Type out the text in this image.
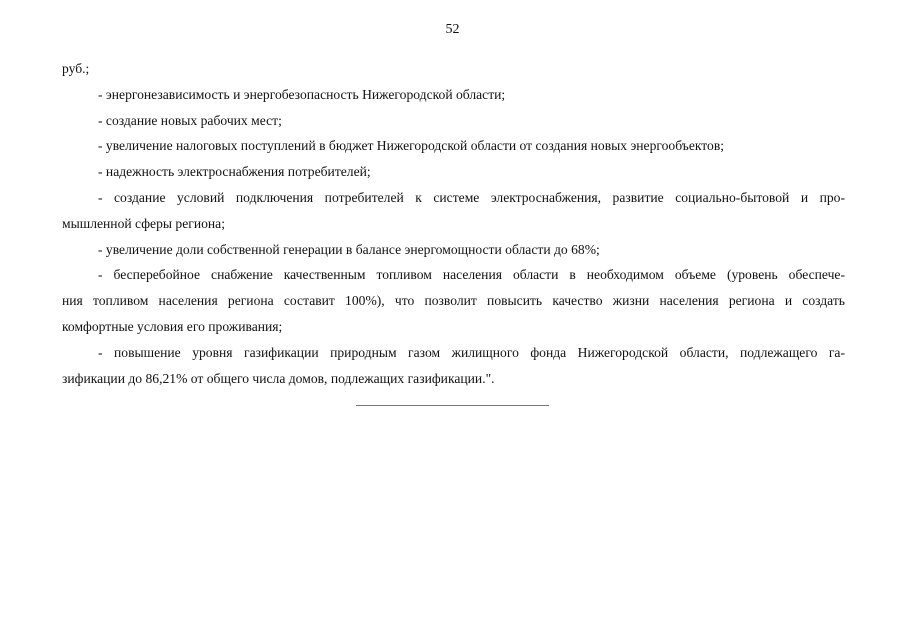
52

руб.;

- энергонезависимость и энергобезопасность Нижегородской области;

- создание новых рабочих мест;

- увеличение налоговых поступлений в бюджет Нижегородской области от создания новых энергообъектов;

- надежность электроснабжения потребителей;

- создание условий подключения потребителей к системе электроснабжения, развитие социально-бытовой и про-

мышленной сферы региона;

- увеличение доли собственной генерации в балансе энергомощности области до 68%;

- бесперебойное снабжение качественным топливом населения области в необходимом объеме (уровень обеспече-

ния топливом населения региона составит 100%), что позволит повысить качество жизни населения региона и создать

комфортные условия его проживания;

- повышение уровня газификации природным газом жилищного фонда Нижегородской области, подлежащего га-

зификации до 86,21% от общего числа домов, подлежащих газификации.".
